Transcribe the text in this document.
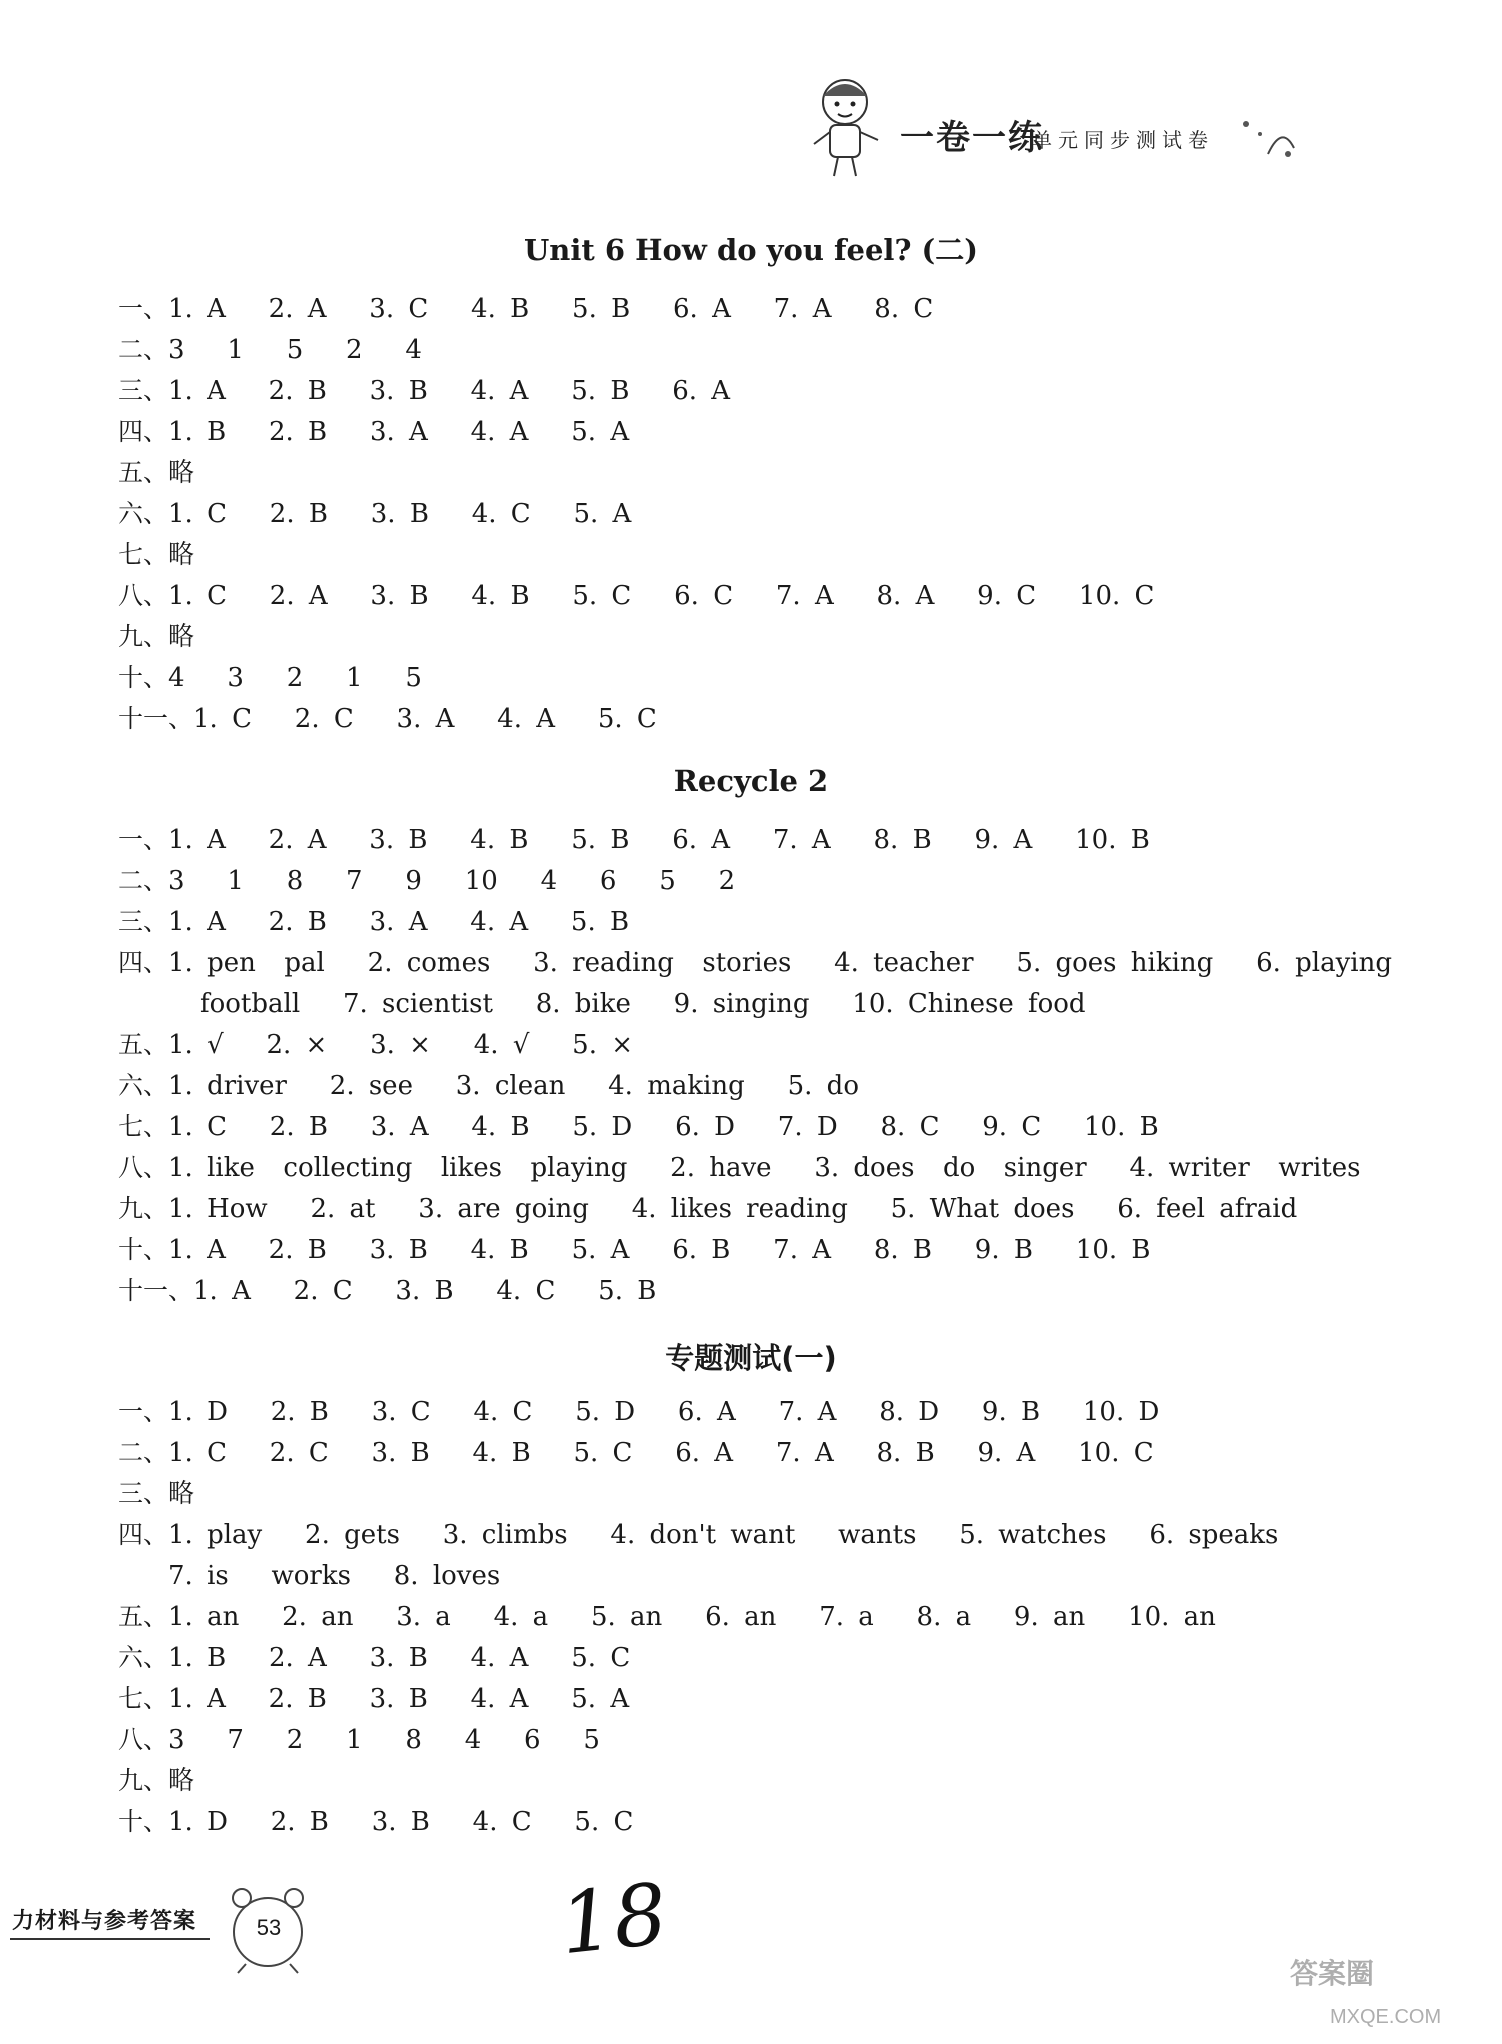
一卷一练
单元同步测试卷
Unit 6 How do you feel? (二)
一、1. A   2. A   3. C   4. B   5. B   6. A   7. A   8. C
二、3   1   5   2   4
三、1. A   2. B   3. B   4. A   5. B   6. A
四、1. B   2. B   3. A   4. A   5. A
五、略
六、1. C   2. B   3. B   4. C   5. A
七、略
八、1. C   2. A   3. B   4. B   5. C   6. C   7. A   8. A   9. C   10. C
九、略
十、4   3   2   1   5
十一、1. C   2. C   3. A   4. A   5. C
Recycle 2
一、1. A   2. A   3. B   4. B   5. B   6. A   7. A   8. B   9. A   10. B
二、3   1   8   7   9   10   4   6   5   2
三、1. A   2. B   3. A   4. A   5. B
四、1. pen  pal   2. comes   3. reading  stories   4. teacher   5. goes hiking   6. playing
football   7. scientist   8. bike   9. singing   10. Chinese food
五、1. √   2. ×   3. ×   4. √   5. ×
六、1. driver   2. see   3. clean   4. making   5. do
七、1. C   2. B   3. A   4. B   5. D   6. D   7. D   8. C   9. C   10. B
八、1. like  collecting  likes  playing   2. have   3. does  do  singer   4. writer  writes
九、1. How   2. at   3. are going   4. likes reading   5. What does   6. feel afraid
十、1. A   2. B   3. B   4. B   5. A   6. B   7. A   8. B   9. B   10. B
十一、1. A   2. C   3. B   4. C   5. B
专题测试(一)
一、1. D   2. B   3. C   4. C   5. D   6. A   7. A   8. D   9. B   10. D
二、1. C   2. C   3. B   4. B   5. C   6. A   7. A   8. B   9. A   10. C
三、略
四、1. play   2. gets   3. climbs   4. don't want   wants   5. watches   6. speaks
7. is   works   8. loves
五、1. an   2. an   3. a   4. a   5. an   6. an   7. a   8. a   9. an   10. an
六、1. B   2. A   3. B   4. A   5. C
七、1. A   2. B   3. B   4. A   5. A
八、3   7   2   1   8   4   6   5
九、略
十、1. D   2. B   3. B   4. C   5. C
力材料与参考答案	53	18
答案圈
MXQE.COM
